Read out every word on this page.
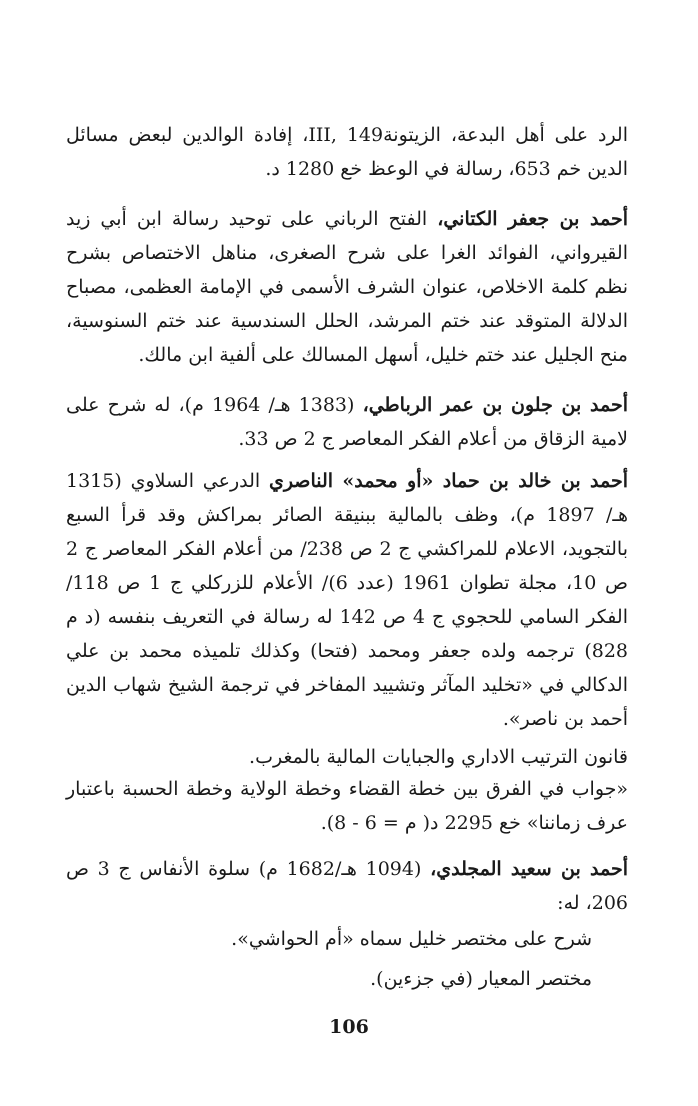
الرد على أهل البدعة، الزيتونة149 ,III، إفادة الوالدين لبعض مسائل الدين خم 653، رسالة في الوعظ خع 1280 د.

أحمد بن جعفر الكتاني، الفتح الرباني على توحيد رسالة ابن أبي زيد القيرواني، الفوائد الغرا على شرح الصغرى، مناهل الاختصاص بشرح نظم كلمة الاخلاص، عنوان الشرف الأسمى في الإمامة العظمى، مصباح الدلالة المتوقد عند ختم المرشد، الحلل السندسية عند ختم السنوسية، منح الجليل عند ختم خليل، أسهل المسالك على ألفية ابن مالك.

أحمد بن جلون بن عمر الرباطي، (1383 هـ/ 1964 م)، له شرح على لامية الزقاق من أعلام الفكر المعاصر ج 2 ص 33.

أحمد بن خالد بن حماد «أو محمد» الناصري الدرعي السلاوي (1315 هـ/ 1897 م)، وظف بالمالية ببنيقة الصائر بمراكش وقد قرأ السبع بالتجويد، الاعلام للمراكشي ج 2 ص 238/ من أعلام الفكر المعاصر ج 2 ص 10، مجلة تطوان 1961 (عدد 6)/ الأعلام للزركلي ج 1 ص 118/ الفكر السامي للحجوي ج 4 ص 142 له رسالة في التعريف بنفسه (د م 828) ترجمه ولده جعفر ومحمد (فتحا) وكذلك تلميذه محمد بن علي الدكالي في «تخليد المآثر وتشييد المفاخر في ترجمة الشيخ شهاب الدين أحمد بن ناصر».

قانون الترتيب الاداري والجبايات المالية بالمغرب.

«جواب في الفرق بين خطة القضاء وخطة الولاية وخطة الحسبة باعتبار عرف زماننا» خع 2295 د( م = 6 - 8).

أحمد بن سعيد المجلدي، (1094 هـ/1682 م) سلوة الأنفاس ج 3 ص 206، له:

شرح على مختصر خليل سماه «أم الحواشي».

مختصر المعيار (في جزءين).

106
